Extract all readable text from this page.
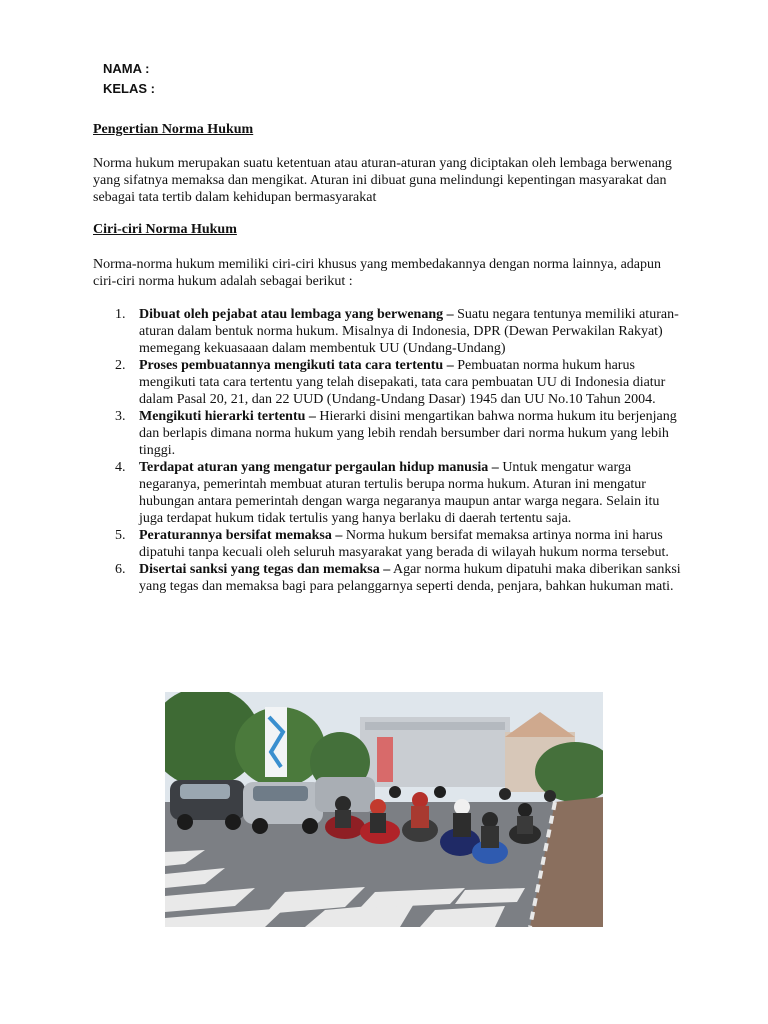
NAMA :
KELAS :
Pengertian Norma Hukum

Norma hukum merupakan suatu ketentuan atau aturan-aturan yang diciptakan oleh lembaga berwenang yang sifatnya memaksa dan mengikat. Aturan ini dibuat guna melindungi kepentingan masyarakat dan sebagai tata tertib dalam kehidupan bermasyarakat

Ciri-ciri Norma Hukum

Norma-norma hukum memiliki ciri-ciri khusus yang membedakannya dengan norma lainnya, adapun ciri-ciri norma hukum adalah sebagai berikut :

1. Dibuat oleh pejabat atau lembaga yang berwenang – Suatu negara tentunya memiliki aturan-aturan dalam bentuk norma hukum. Misalnya di Indonesia, DPR (Dewan Perwakilan Rakyat) memegang kekuasaaan dalam membentuk UU (Undang-Undang)
2. Proses pembuatannya mengikuti tata cara tertentu – Pembuatan norma hukum harus mengikuti tata cara tertentu yang telah disepakati, tata cara pembuatan UU di Indonesia diatur dalam Pasal 20, 21, dan 22 UUD (Undang-Undang Dasar) 1945 dan UU No.10 Tahun 2004.
3. Mengikuti hierarki tertentu – Hierarki disini mengartikan bahwa norma hukum itu berjenjang dan berlapis dimana norma hukum yang lebih rendah bersumber dari norma hukum yang lebih tinggi.
4. Terdapat aturan yang mengatur pergaulan hidup manusia – Untuk mengatur warga negaranya, pemerintah membuat aturan tertulis berupa norma hukum. Aturan ini mengatur hubungan antara pemerintah dengan warga negaranya maupun antar warga negara. Selain itu juga terdapat hukum tidak tertulis yang hanya berlaku di daerah tertentu saja.
5. Peraturannya bersifat memaksa – Norma hukum bersifat memaksa artinya norma ini harus dipatuhi tanpa kecuali oleh seluruh masyarakat yang berada di wilayah hukum norma tersebut.
6. Disertai sanksi yang tegas dan memaksa – Agar norma hukum dipatuhi maka diberikan sanksi yang tegas dan memaksa bagi para pelanggarnya seperti denda, penjara, bahkan hukuman mati.
